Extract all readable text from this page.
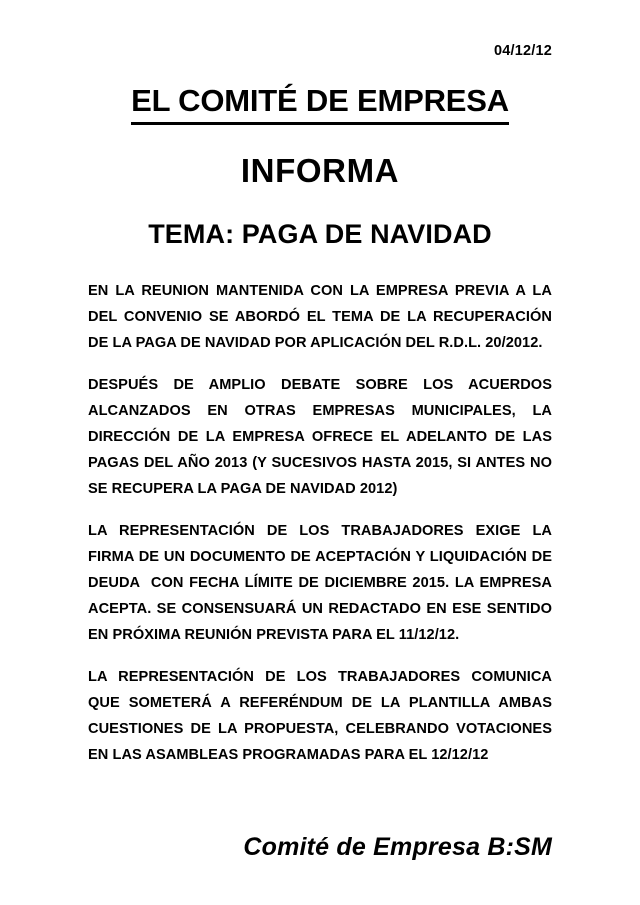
04/12/12
EL COMITÉ DE EMPRESA
INFORMA
TEMA: PAGA DE NAVIDAD

EN LA REUNION MANTENIDA CON LA EMPRESA PREVIA A LA DEL CONVENIO SE ABORDÓ EL TEMA DE LA RECUPERACIÓN DE LA PAGA DE NAVIDAD POR APLICACIÓN DEL R.D.L. 20/2012.

DESPUÉS DE AMPLIO DEBATE SOBRE LOS ACUERDOS ALCANZADOS EN OTRAS EMPRESAS MUNICIPALES, LA DIRECCIÓN DE LA EMPRESA OFRECE EL ADELANTO DE LAS PAGAS DEL AÑO 2013 (Y SUCESIVOS HASTA 2015, SI ANTES NO SE RECUPERA LA PAGA DE NAVIDAD 2012)

LA REPRESENTACIÓN DE LOS TRABAJADORES EXIGE LA FIRMA DE UN DOCUMENTO DE ACEPTACIÓN Y LIQUIDACIÓN DE DEUDA  CON FECHA LÍMITE DE DICIEMBRE 2015. LA EMPRESA ACEPTA. SE CONSENSUARÁ UN REDACTADO EN ESE SENTIDO EN PRÓXIMA REUNIÓN PREVISTA PARA EL 11/12/12.

LA REPRESENTACIÓN DE LOS TRABAJADORES COMUNICA QUE SOMETERÁ A REFERÉNDUM DE LA PLANTILLA AMBAS CUESTIONES DE LA PROPUESTA, CELEBRANDO VOTACIONES EN LAS ASAMBLEAS PROGRAMADAS PARA EL 12/12/12

Comité de Empresa B:SM
